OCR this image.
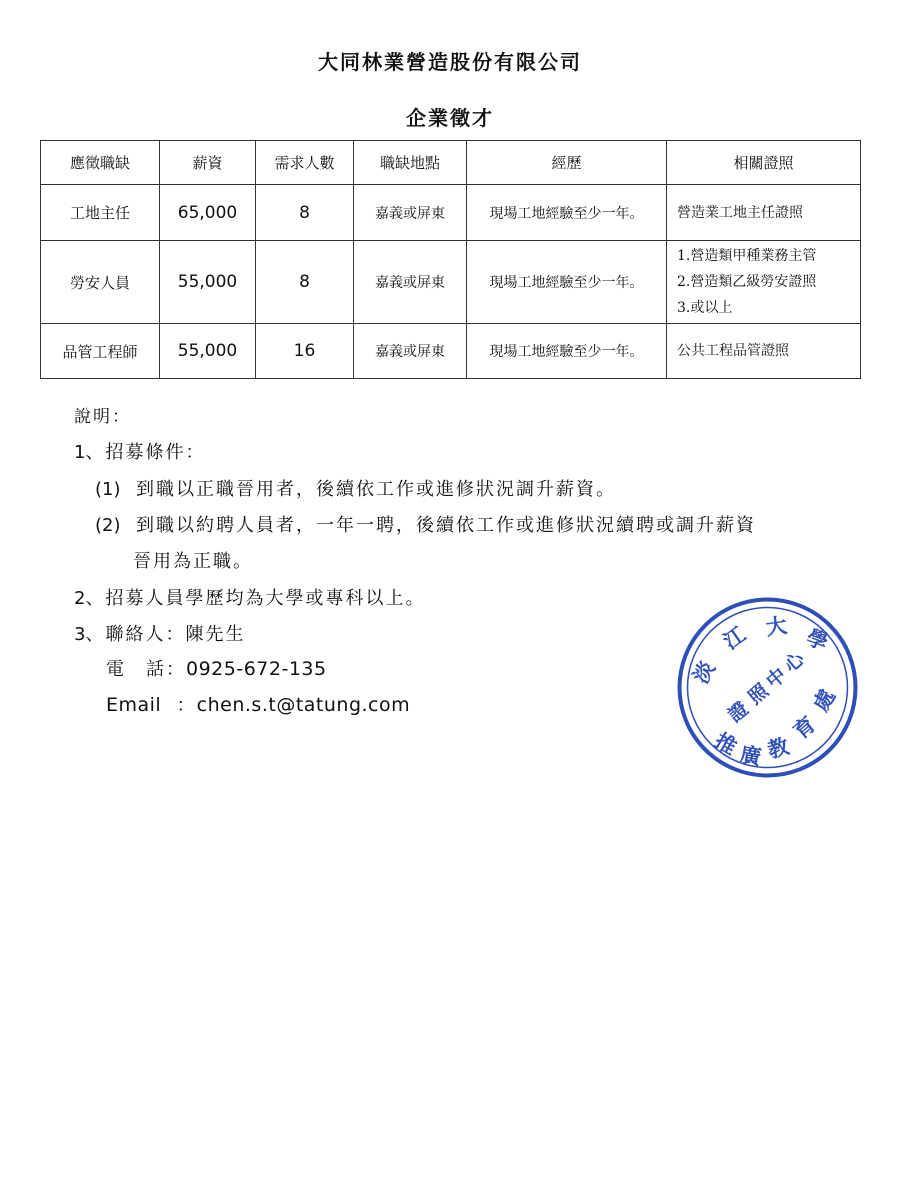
大同林業營造股份有限公司
企業徵才
應徵職缺	薪資	需求人數	職缺地點	經歷	相關證照
工地主任	65,000	8	嘉義或屏東	現場工地經驗至少一年。	營造業工地主任證照

勞安人員	55,000	8	嘉義或屏東	現場工地經驗至少一年。	1.營造類甲種業務主管
2.營造類乙級勞安證照
3.或以上

品管工程師	55,000	16	嘉義或屏東	現場工地經驗至少一年。	公共工程品管證照
說明：
1、招募條件：
(1) 到職以正職晉用者，後續依工作或進修狀況調升薪資。
(2) 到職以約聘人員者，一年一聘，後續依工作或進修狀況續聘或調升薪資
晉用為正職。
2、招募人員學歷均為大學或專科以上。
3、聯絡人：陳先生
電　話：0925-672-135
Email ：chen.s.t@tatung.com
淡
江 大 學
處
育
教
廣
推
證
照
中
心
